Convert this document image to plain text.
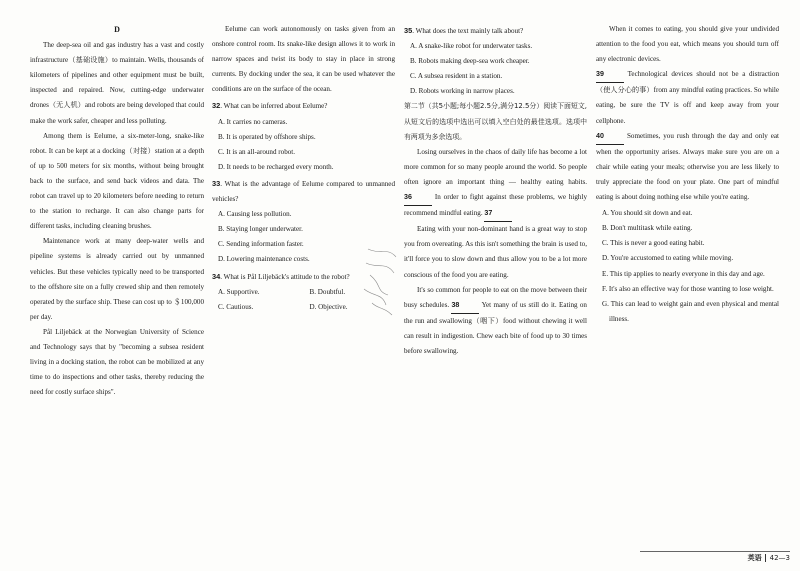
D

The deep-sea oil and gas industry has a vast and costly infrastructure（基础设施）to maintain. Wells, thousands of kilometers of pipelines and other equipment must be built, inspected and repaired. Now, cutting-edge underwater drones（无人机）and robots are being developed that could make the work safer, cheaper and less polluting.

Among them is Eelume, a six-meter-long, snake-like robot. It can be kept at a docking（对接）station at a depth of up to 500 meters for six months, without being brought back to the surface, and send back videos and data. The robot can travel up to 20 kilometers before needing to return to the station to recharge. It can also change parts for different tasks, including cleaning brushes.

Maintenance work at many deep-water wells and pipeline systems is already carried out by unmanned vehicles. But these vehicles typically need to be transported to the offshore site on a fully crewed ship and then remotely operated by the surface ship. These can cost up to ＄100,000 per day.

Pål Liljebäck at the Norwegian University of Science and Technology says that by "becoming a subsea resident living in a docking station, the robot can be mobilized at any time to do inspections and other tasks, thereby reducing the need for costly surface ships".

Eelume can work autonomously on tasks given from an onshore control room. Its snake-like design allows it to work in narrow spaces and twist its body to stay in place in strong currents. By docking under the sea, it can be used whatever the conditions are on the surface of the ocean.

32. What can be inferred about Eelume?

A. It carries no cameras.

B. It is operated by offshore ships.

C. It is an all-around robot.

D. It needs to be recharged every month.

33. What is the advantage of Eelume compared to unmanned vehicles?

A. Causing less pollution.

B. Staying longer underwater.

C. Sending information faster.

D. Lowering maintenance costs.

34. What is Pål Liljebäck's attitude to the robot?

A. Supportive.	B. Doubtful.
C. Cautious.	D. Objective.

35. What does the text mainly talk about?

A. A snake-like robot for underwater tasks.

B. Robots making deep-sea work cheaper.

C. A subsea resident in a station.

D. Robots working in narrow places.

第二节（共5小题;每小题2.5分,满分12.5分）阅读下面短文,从短文后的选项中选出可以填入空白处的最佳选项。选项中有两项为多余选项。

Losing ourselves in the chaos of daily life has become a lot more common for so many people around the world. So people often ignore an important thing — healthy eating habits. 36	In order to fight against these problems, we highly recommend mindful eating. 37

Eating with your non-dominant hand is a great way to stop you from overeating. As this isn't something the brain is used to, it'll force you to slow down and thus allow you to be a lot more conscious of the food you are eating.

It's so common for people to eat on the move between their busy schedules. 38	Yet many of us still do it. Eating on the run and swallowing（咽下）food without chewing it well can result in indigestion. Chew each bite of food up to 30 times before swallowing.

When it comes to eating, you should give your undivided attention to the food you eat, which means you should turn off any electronic devices.

39	Technological devices should not be a distraction（使人分心的事）from any mindful eating practices. So while eating, be sure the TV is off and keep away from your cellphone.

40	Sometimes, you rush through the day and only eat when the opportunity arises. Always make sure you are on a chair while eating your meals; otherwise you are less likely to truly appreciate the food on your plate. One part of mindful eating is about doing nothing else while you're eating.

A. You should sit down and eat.

B. Don't multitask while eating.

C. This is never a good eating habit.

D. You're accustomed to eating while moving.

E. This tip applies to nearly everyone in this day and age.

F. It's also an effective way for those wanting to lose weight.

G. This can lead to weight gain and even physical and mental illness.

英语	42—3
